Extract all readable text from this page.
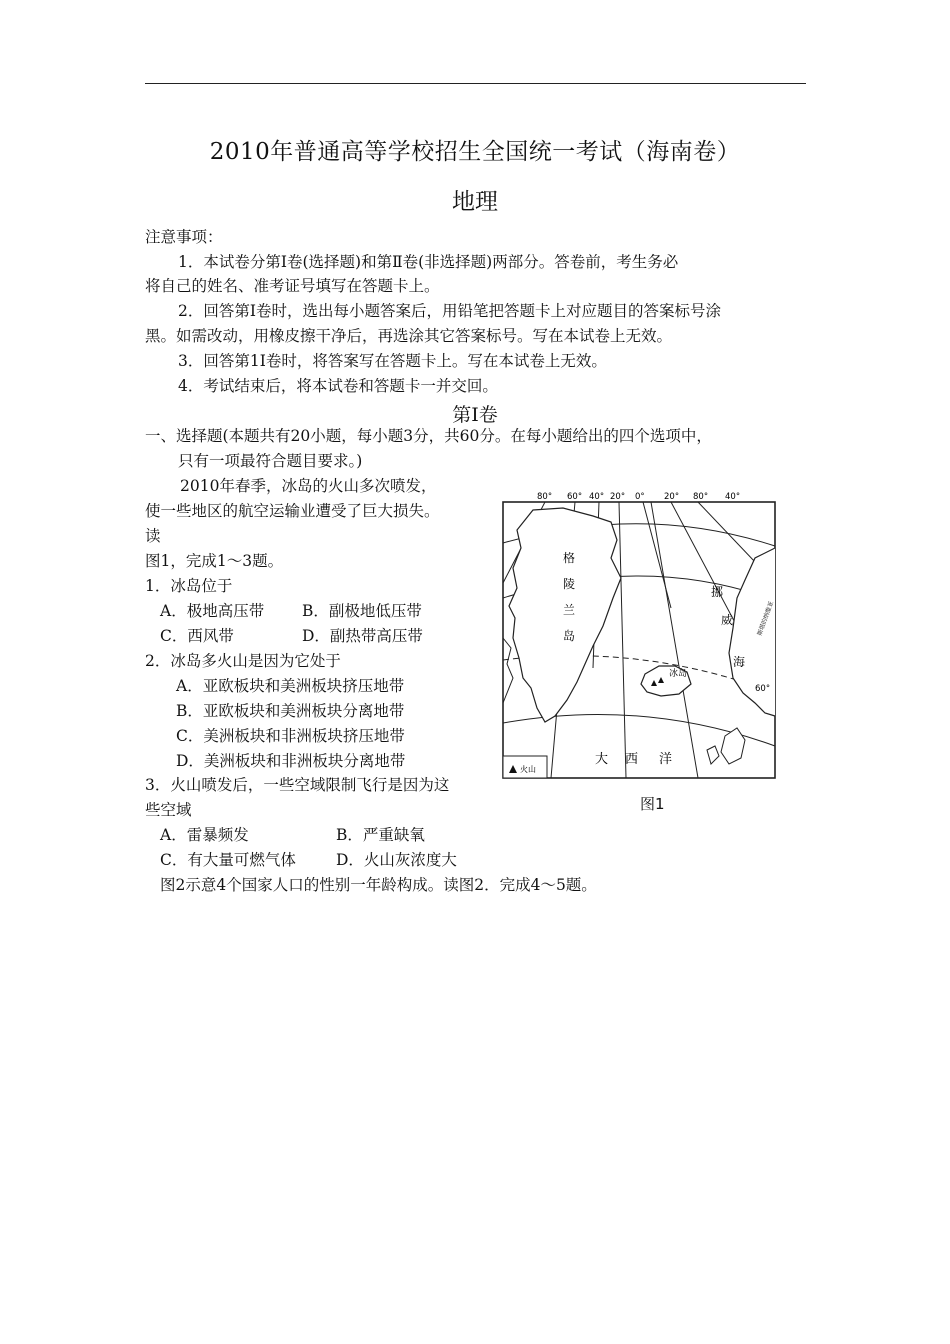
2010年普通高等学校招生全国统一考试（海南卷）
地理
注意事项：
1．本试卷分第Ⅰ卷(选择题)和第Ⅱ卷(非选择题)两部分。答卷前，考生务必
将自己的姓名、准考证号填写在答题卡上。
2．回答第Ⅰ卷时，选出每小题答案后，用铅笔把答题卡上对应题目的答案标号涂
黑。如需改动，用橡皮擦干净后，再选涂其它答案标号。写在本试卷上无效。
3．回答第1Ⅰ卷时，将答案写在答题卡上。写在本试卷上无效。
4．考试结束后，将本试卷和答题卡一并交回。
第Ⅰ卷
一、选择题(本题共有20小题，每小题3分，共60分。在每小题给出的四个选项中，
只有一项最符合题目要求。)
2010年春季，冰岛的火山多次喷发，
使一些地区的航空运输业遭受了巨大损失。
读
图1，完成1～3题。
1．冰岛位于
A．极地高压带 B．副极地低压带
C．西风带	D．副热带高压带
2．冰岛多火山是因为它处于
A．亚欧板块和美洲板块挤压地带
B．亚欧板块和美洲板块分离地带
C．美洲板块和非洲板块挤压地带
D．美洲板块和非洲板块分离地带
3．火山喷发后，一些空域限制飞行是因为这
些空域
A．雷暴频发	B．严重缺氧
C．有大量可燃气体	D．火山灰浓度大
图2示意4个国家人口的性别一年龄构成。读图2．完成4～5题。
80° 60° 40° 20° 0° 20° 80° 40°
冰岛
格
陵
兰
岛
挪
威
海
斯堪的纳维亚
60°
大 西 洋
火山
图1
